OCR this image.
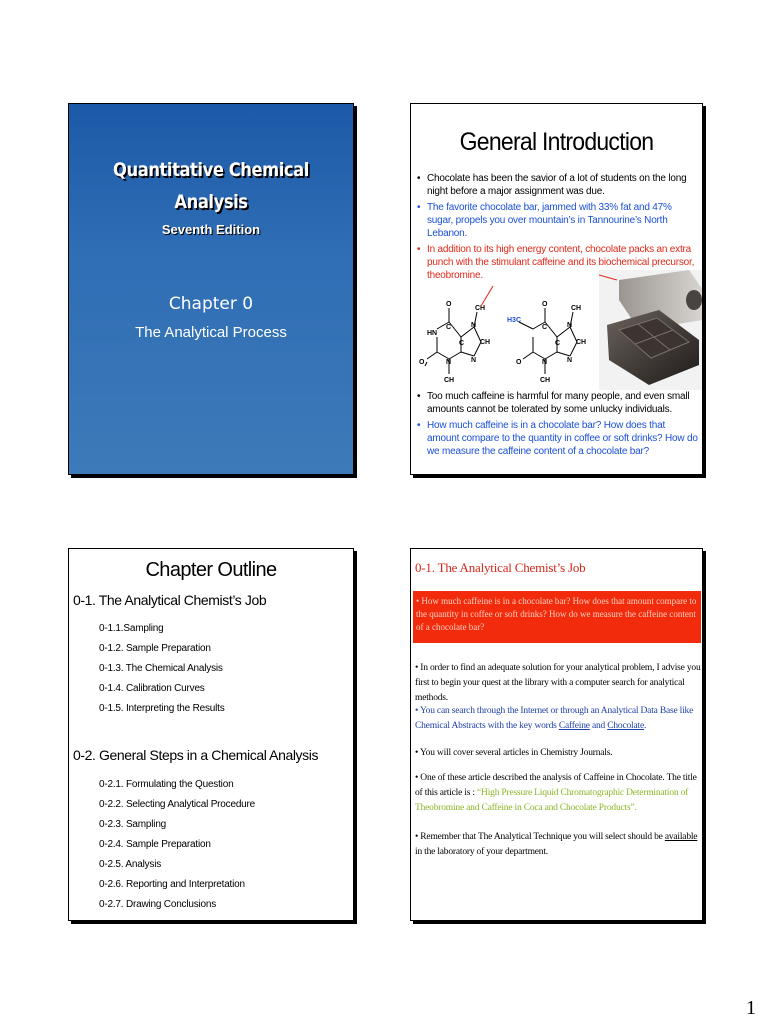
Quantitative Chemical
Analysis
Seventh Edition
Chapter 0
The Analytical Process
General Introduction
• Chocolate has been the savior of a lot of students on the long night before a major assignment was due.
• The favorite chocolate bar, jammed with 33% fat and 47% sugar, propels you over mountain’s in Tannourine’s North Lebanon.
• In addition to its high energy content, chocolate packs an extra punch with the stimulant caffeine and its biochemical precursor, theobromine.
O
CH
HN
C
C
N
CH
O	N	N
CH
H3C
O
CH
C
C
N
CH
O	N	N
CH
• Too much caffeine is harmful for many people, and even small amounts cannot be tolerated by some unlucky individuals.
• How much caffeine is in a chocolate bar? How does that amount compare to the quantity in coffee or soft drinks? How do we measure the caffeine content of a chocolate bar?
Chapter Outline
0-1. The Analytical Chemist’s Job
0-1.1.Sampling
0-1.2. Sample Preparation
0-1.3. The Chemical Analysis
0-1.4. Calibration Curves
0-1.5. Interpreting the Results
0-2. General Steps in a Chemical Analysis
0-2.1. Formulating the Question
0-2.2. Selecting Analytical Procedure
0-2.3. Sampling
0-2.4. Sample Preparation
0-2.5. Analysis
0-2.6. Reporting and Interpretation
0-2.7. Drawing Conclusions
0-1. The Analytical Chemist’s Job
• How much caffeine is in a chocolate bar? How does that amount compare to the quantity in coffee or soft drinks? How do we measure the caffeine content of a chocolate bar?
• In order to find an adequate solution for your analytical problem, I advise you first to begin your quest at the library with a computer search for analytical methods.
• You can search through the Internet or through an Analytical Data Base like Chemical Abstracts with the key words Caffeine and Chocolate.
• You will cover several articles in Chemistry Journals.
• One of these article described the analysis of Caffeine in Chocolate. The title of this article is : “High Pressure Liquid Chromatographic Determination of Theobromine and Caffeine in Coca and Chocolate Products”.
• Remember that The Analytical Technique you will select should be available in the laboratory of your department.
1
